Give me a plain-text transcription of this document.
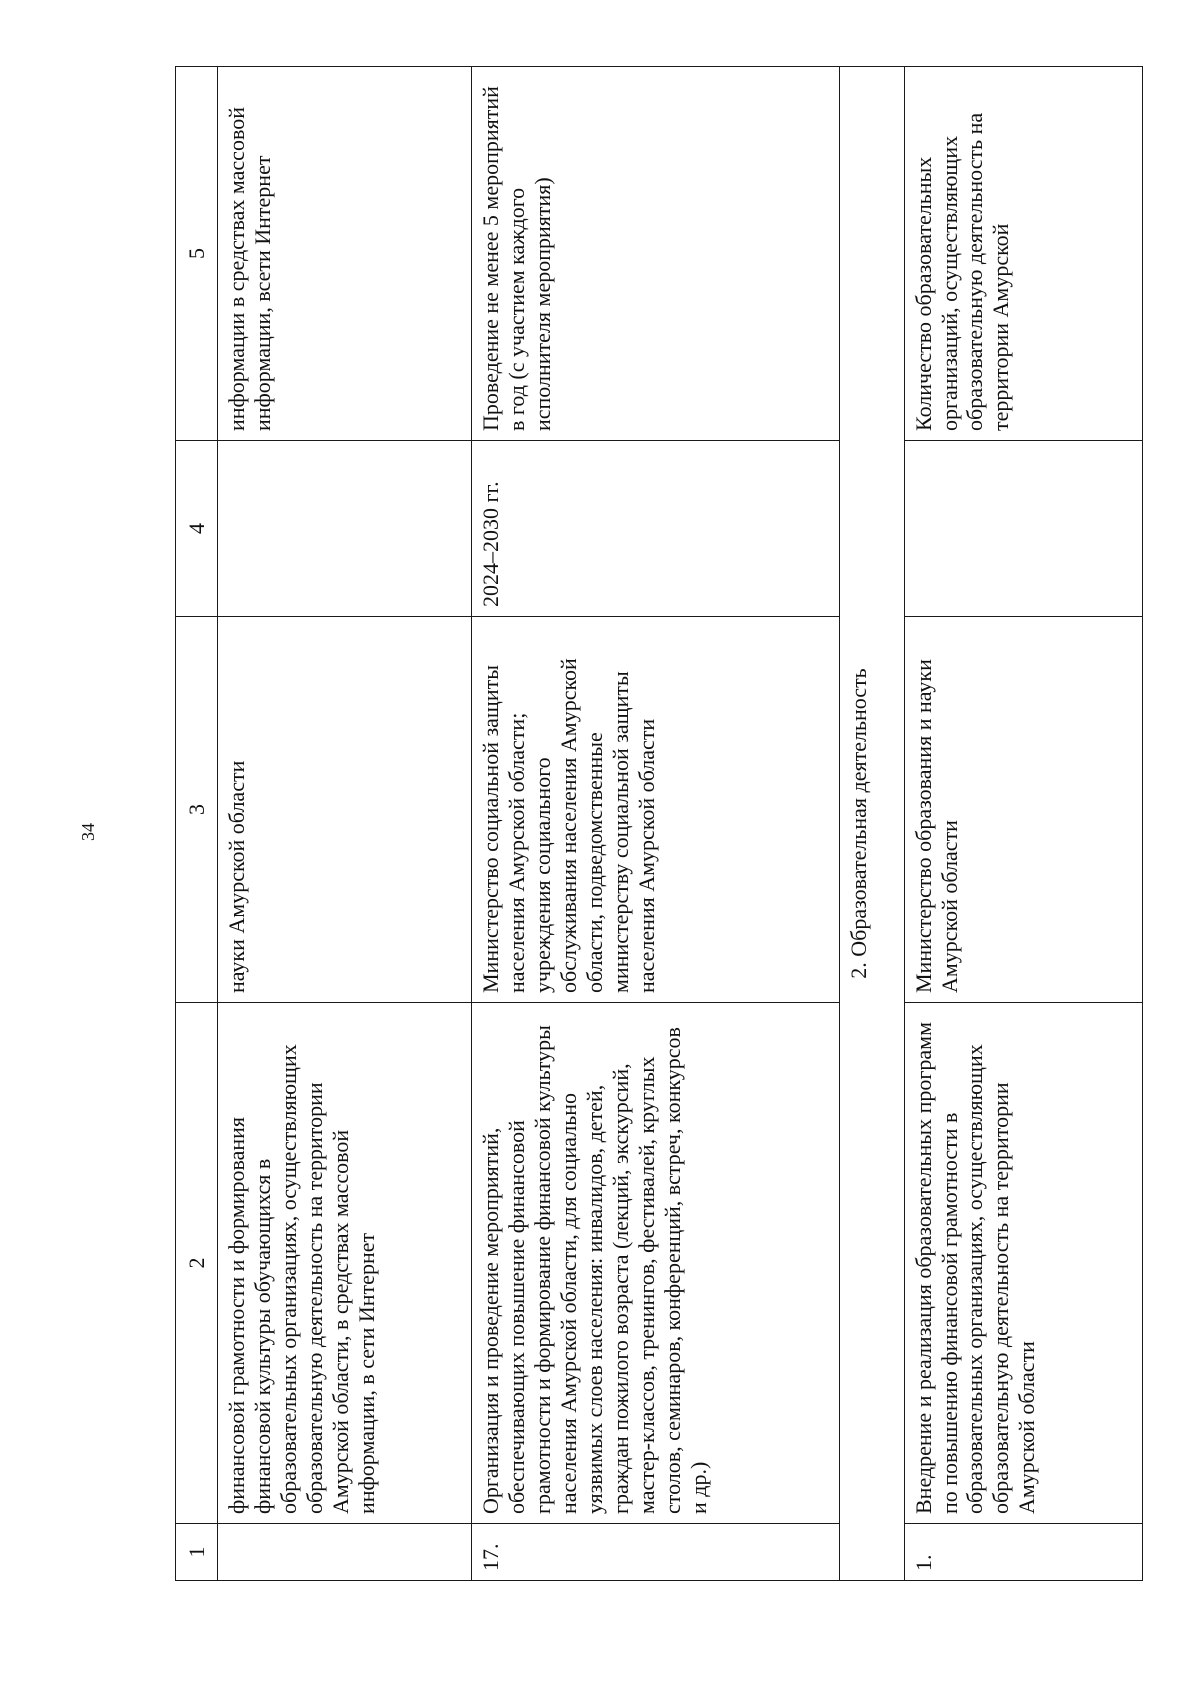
34
1	2	3	4	5
	финансовой грамотности и формирования финансовой культуры обучающихся в образовательных организациях, осуществляющих образовательную деятельность на территории Амурской области, в средствах массовой информации, в сети Интернет	науки Амурской области		информации в средствах массовой информации, всети Интернет
17.	Организация и проведение мероприятий, обеспечивающих повышение финансовой грамотности и формирование финансовой культуры населения Амурской области, для социально уязвимых слоев населения: инвалидов, детей, граждан пожилого возраста (лекций, экскурсий, мастер-классов, тренингов, фестивалей, круглых столов, семинаров, конференций, встреч, конкурсов и др.)	Министерство социальной защиты населения Амурской области; учреждения социального обслуживания населения Амурской области, подведомственные министерству социальной защиты населения Амурской области	2024–2030 гг.	Проведение не менее 5 мероприятий в год (с участием каждого исполнителя мероприятия)
2. Образовательная деятельность				
1.	Внедрение и реализация образовательных программ по повышению финансовой грамотности в образовательных организациях, осуществляющих образовательную деятельность на территории Амурской области	Министерство образования и науки Амурской области		Количество образовательных организаций, осуществляющих образовательную деятельность на территории Амурской
